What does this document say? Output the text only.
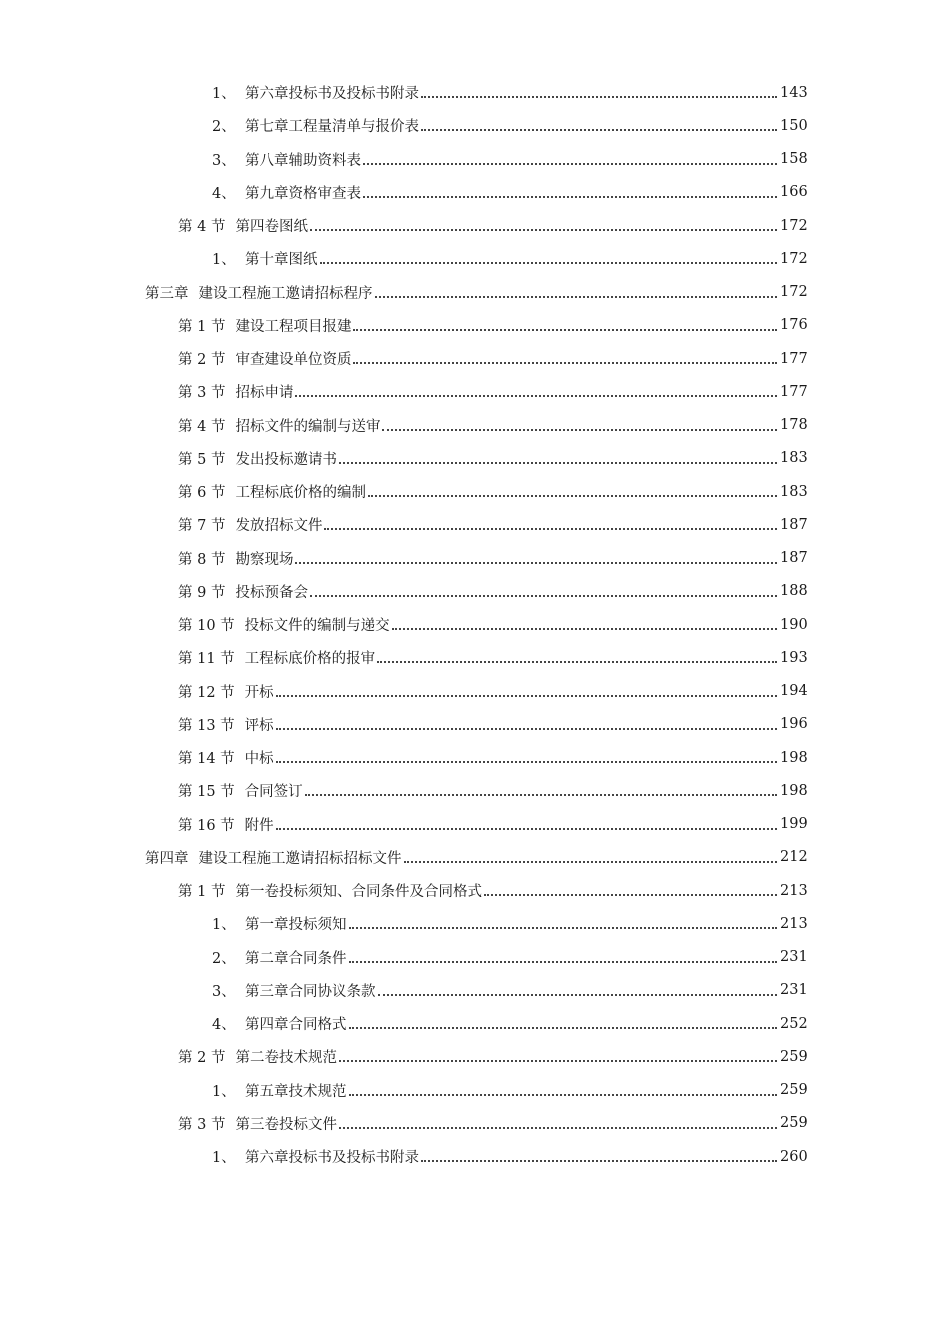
1、 第六章投标书及投标书附录	143
2、 第七章工程量清单与报价表	150
3、 第八章辅助资料表	158
4、 第九章资格审查表	166
第 4 节 第四卷图纸	172
1、 第十章图纸	172
第三章 建设工程施工邀请招标程序	172
第 1 节 建设工程项目报建	176
第 2 节 审查建设单位资质	177
第 3 节 招标申请	177
第 4 节 招标文件的编制与送审	178
第 5 节 发出投标邀请书	183
第 6 节 工程标底价格的编制	183
第 7 节 发放招标文件	187
第 8 节 勘察现场	187
第 9 节 投标预备会	188
第 10 节 投标文件的编制与递交	190
第 11 节 工程标底价格的报审	193
第 12 节 开标	194
第 13 节 评标	196
第 14 节 中标	198
第 15 节 合同签订	198
第 16 节 附件	199
第四章 建设工程施工邀请招标招标文件	212
第 1 节 第一卷投标须知、合同条件及合同格式	213
1、 第一章投标须知	213
2、 第二章合同条件	231
3、 第三章合同协议条款	231
4、 第四章合同格式	252
第 2 节 第二卷技术规范	259
1、 第五章技术规范	259
第 3 节 第三卷投标文件	259
1、 第六章投标书及投标书附录	260
